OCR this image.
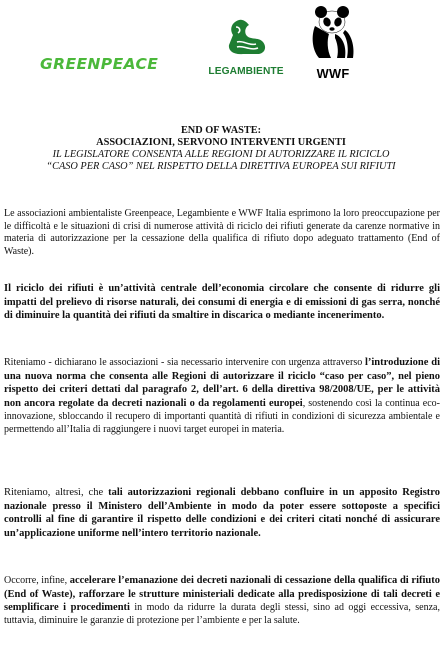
GREENPEACE	LEGAMBIENTE	WWF
END OF WASTE:
ASSOCIAZIONI, SERVONO INTERVENTI URGENTI
IL LEGISLATORE CONSENTA ALLE REGIONI DI AUTORIZZARE IL RICICLO
“CASO PER CASO” NEL RISPETTO DELLA DIRETTIVA EUROPEA SUI RIFIUTI

Le associazioni ambientaliste Greenpeace, Legambiente e WWF Italia esprimono la loro preoccupazione per le difficoltà e le situazioni di crisi di numerose attività di riciclo dei rifiuti generate da carenze normative in materia di autorizzazione per la cessazione della qualifica di rifiuto dopo adeguato trattamento (End of Waste).

Il riciclo dei rifiuti è un’attività centrale dell’economia circolare che consente di ridurre gli impatti del prelievo di risorse naturali, dei consumi di energia e di emissioni di gas serra, nonché di diminuire la quantità dei rifiuti da smaltire in discarica o mediante incenerimento.

Riteniamo - dichiarano le associazioni - sia necessario intervenire con urgenza attraverso l’introduzione di una nuova norma che consenta alle Regioni di autorizzare il riciclo “caso per caso”, nel pieno rispetto dei criteri dettati dal paragrafo 2, dell’art. 6 della direttiva 98/2008/UE, per le attività non ancora regolate da decreti nazionali o da regolamenti europei, sostenendo così la continua eco-innovazione, sbloccando il recupero di importanti quantità di rifiuti in condizioni di sicurezza ambientale e permettendo all’Italia di raggiungere i nuovi target europei in materia.

Riteniamo, altresì, che tali autorizzazioni regionali debbano confluire in un apposito Registro nazionale presso il Ministero dell’Ambiente in modo da poter essere sottoposte a specifici controlli al fine di garantire il rispetto delle condizioni e dei criteri citati nonché di assicurare un’applicazione uniforme nell’intero territorio nazionale.

Occorre, infine, accelerare l’emanazione dei decreti nazionali di cessazione della qualifica di rifiuto (End of Waste), rafforzare le strutture ministeriali dedicate alla predisposizione di tali decreti e semplificare i procedimenti in modo da ridurre la durata degli stessi, sino ad oggi eccessiva, senza, tuttavia, diminuire le garanzie di protezione per l’ambiente e per la salute.
